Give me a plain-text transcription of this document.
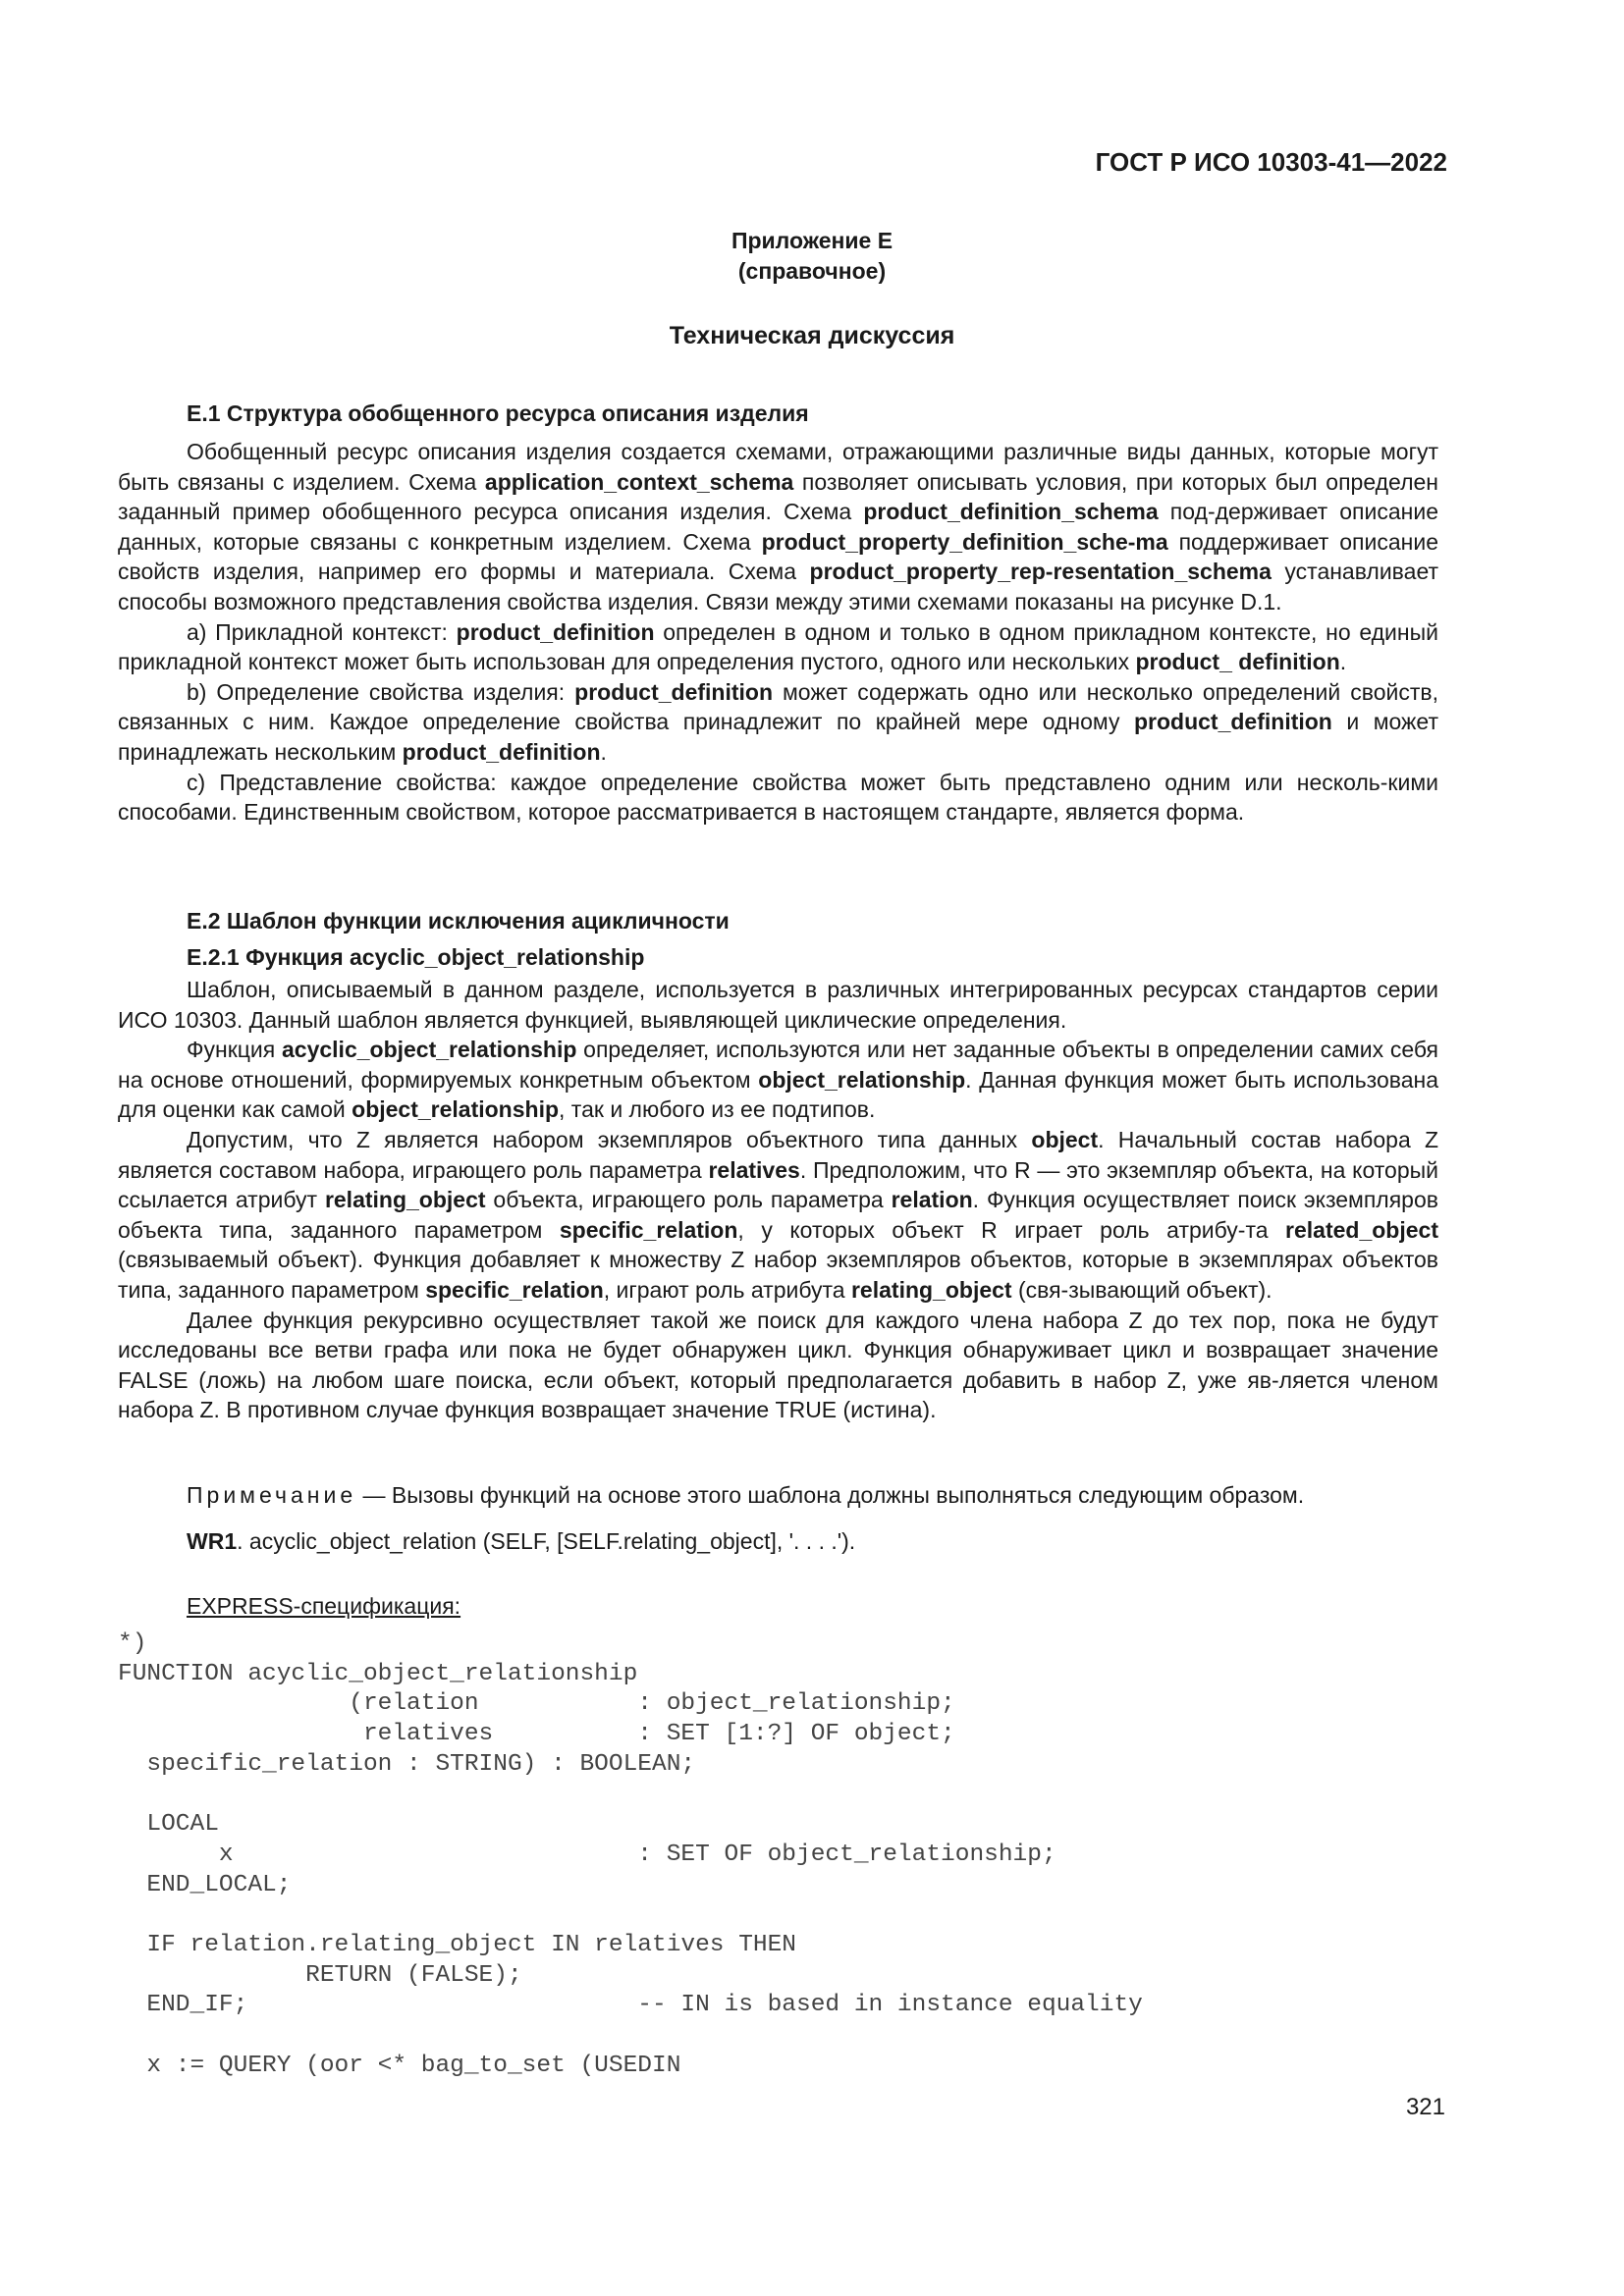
ГОСТ Р ИСО 10303-41—2022
Приложение Е
(справочное)
Техническая дискуссия
Е.1 Структура обобщенного ресурса описания изделия

Обобщенный ресурс описания изделия создается схемами, отражающими различные виды данных, которые могут быть связаны с изделием. Схема application_context_schema позволяет описывать условия, при которых был определен заданный пример обобщенного ресурса описания изделия. Схема product_definition_schema под-держивает описание данных, которые связаны с конкретным изделием. Схема product_property_definition_sche-ma поддерживает описание свойств изделия, например его формы и материала. Схема product_property_rep-resentation_schema устанавливает способы возможного представления свойства изделия. Связи между этими схемами показаны на рисунке D.1.

a) Прикладной контекст: product_definition определен в одном и только в одном прикладном контексте, но единый прикладной контекст может быть использован для определения пустого, одного или нескольких product_ definition.

b) Определение свойства изделия: product_definition может содержать одно или несколько определений свойств, связанных с ним. Каждое определение свойства принадлежит по крайней мере одному product_definition и может принадлежать нескольким product_definition.

c) Представление свойства: каждое определение свойства может быть представлено одним или несколь-кими способами. Единственным свойством, которое рассматривается в настоящем стандарте, является форма.

Е.2 Шаблон функции исключения ацикличности
Е.2.1 Функция acyclic_object_relationship

Шаблон, описываемый в данном разделе, используется в различных интегрированных ресурсах стандартов серии ИСО 10303. Данный шаблон является функцией, выявляющей циклические определения.

Функция acyclic_object_relationship определяет, используются или нет заданные объекты в определении самих себя на основе отношений, формируемых конкретным объектом object_relationship. Данная функция может быть использована для оценки как самой object_relationship, так и любого из ее подтипов.

Допустим, что Z является набором экземпляров объектного типа данных object. Начальный состав набора Z является составом набора, играющего роль параметра relatives. Предположим, что R — это экземпляр объекта, на который ссылается атрибут relating_object объекта, играющего роль параметра relation. Функция осуществляет поиск экземпляров объекта типа, заданного параметром specific_relation, у которых объект R играет роль атрибу-та related_object (связываемый объект). Функция добавляет к множеству Z набор экземпляров объектов, которые в экземплярах объектов типа, заданного параметром specific_relation, играют роль атрибута relating_object (свя-зывающий объект).

Далее функция рекурсивно осуществляет такой же поиск для каждого члена набора Z до тех пор, пока не будут исследованы все ветви графа или пока не будет обнаружен цикл. Функция обнаруживает цикл и возвращает значение FALSE (ложь) на любом шаге поиска, если объект, который предполагается добавить в набор Z, уже яв-ляется членом набора Z. В противном случае функция возвращает значение TRUE (истина).

Примечание — Вызовы функций на основе этого шаблона должны выполняться следующим образом.
WR1. acyclic_object_relation (SELF, [SELF.relating_object], '. . . .').
EXPRESS-спецификация:
*)
FUNCTION acyclic_object_relationship
(relation           : object_relationship;
relatives          : SET [1:?] OF object;
specific_relation : STRING) : BOOLEAN;

LOCAL
x                            : SET OF object_relationship;
END_LOCAL;

IF relation.relating_object IN relatives THEN
RETURN (FALSE);
END_IF;                           -- IN is based in instance equality

x := QUERY (oor <* bag_to_set (USEDIN
321
